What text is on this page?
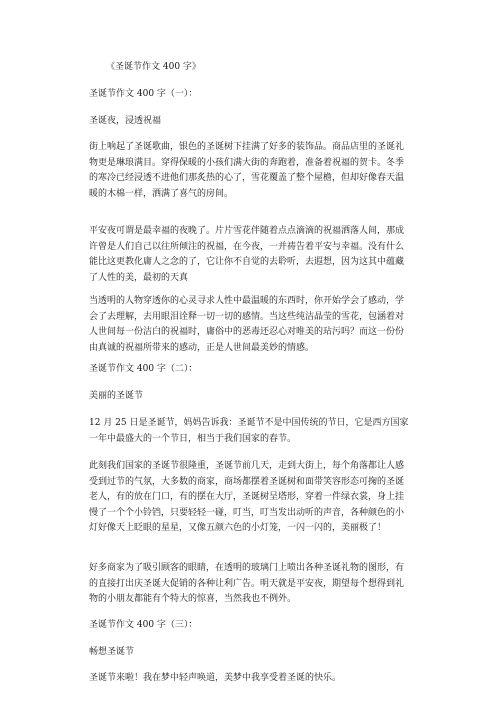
《圣诞节作文 400 字》

圣诞节作文 400 字（一）：

圣诞夜，浸透祝福

街上响起了圣诞歌曲，银色的圣诞树下挂满了好多的装饰品。商品店里的圣诞礼物更是琳琅满目。穿得保暖的小孩们满大街的奔跑着，准备着祝福的贺卡。冬季的寒冷已经浸透不进他们那炙热的心了，雪花覆盖了整个屋檐，但却好像春天温暖的木棉一样，洒满了喜气的房间。

平安夜可谓是最幸福的夜晚了。片片雪花伴随着点点滴滴的祝福洒落人间，那成许曾是人们自己以往所倾注的祝福，在今夜，一并祷告着平安与幸福。没有什么能比这更教化庸人之念的了，它让你不自觉的去聆听，去遐想，因为这其中蕴藏了人性的美，最初的天真

当透明的人物穿透你的心灵寻求人性中最温暖的东西时，你开始学会了感动，学会了去理解，去用眼泪诠释一切一切的感情。当这些纯洁晶莹的雪花，包涵着对人世间每一份洁白的祝福时，庸俗中的恶毒还忍心对唯美的玷污吗？而这一份份由真诚的祝福所带来的感动，正是人世间最美妙的情感。

圣诞节作文 400 字（二）：

美丽的圣诞节

12 月 25 日是圣诞节，妈妈告诉我：圣诞节不是中国传统的节日，它是西方国家一年中最盛大的一个节日，相当于我们国家的春节。

此刻我们国家的圣诞节很隆重，圣诞节前几天，走到大街上，每个角落都让人感受到过节的气氛，大多数的商家，商场都摆着圣诞树和面带笑容形态可掬的圣诞老人，有的放在门口，有的摆在大厅，圣诞树呈塔形，穿着一件绿衣裳，身上挂慢了一个个小铃铛，只要轻轻一碰，叮当，叮当发出动听的声音，各种颜色的小灯好像天上眨眼的星星，又像五颜六色的小灯笼，一闪一闪的，美丽极了！

好多商家为了吸引顾客的眼睛，在透明的玻璃门上喷出各种圣诞礼物的图形，有的直接打出庆圣诞大促销的各种让利广告。明天就是平安夜，期望每个想得到礼物的小朋友都能有个特大的惊喜，当然我也不例外。

圣诞节作文 400 字（三）：

畅想圣诞节

圣诞节来啦！我在梦中轻声唤道，美梦中我享受着圣诞的快乐。
